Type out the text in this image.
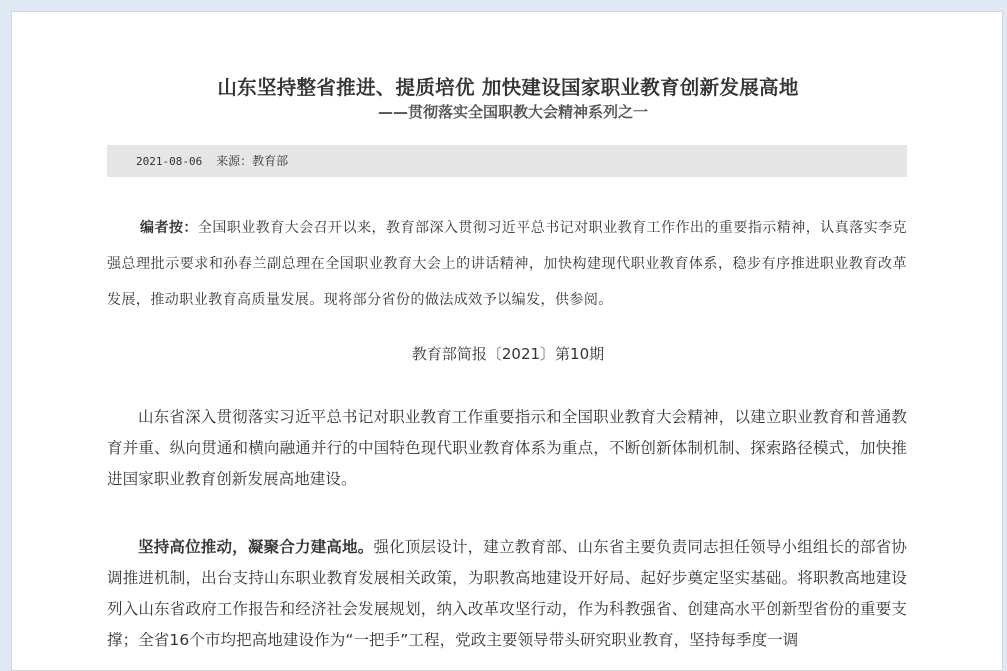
山东坚持整省推进、提质培优 加快建设国家职业教育创新发展高地
——贯彻落实全国职教大会精神系列之一
2021-08-06 来源：教育部
编者按：全国职业教育大会召开以来，教育部深入贯彻习近平总书记对职业教育工作作出的重要指示精神，认真落实李克强总理批示要求和孙春兰副总理在全国职业教育大会上的讲话精神，加快构建现代职业教育体系，稳步有序推进职业教育改革发展，推动职业教育高质量发展。现将部分省份的做法成效予以编发，供参阅。
教育部简报〔2021〕第10期
山东省深入贯彻落实习近平总书记对职业教育工作重要指示和全国职业教育大会精神，以建立职业教育和普通教育并重、纵向贯通和横向融通并行的中国特色现代职业教育体系为重点，不断创新体制机制、探索路径模式，加快推进国家职业教育创新发展高地建设。
坚持高位推动，凝聚合力建高地。强化顶层设计，建立教育部、山东省主要负责同志担任领导小组组长的部省协调推进机制，出台支持山东职业教育发展相关政策，为职教高地建设开好局、起好步奠定坚实基础。将职教高地建设列入山东省政府工作报告和经济社会发展规划，纳入改革攻坚行动，作为科教强省、创建高水平创新型省份的重要支撑；全省16个市均把高地建设作为“一把手”工程，党政主要领导带头研究职业教育，坚持每季度一调
